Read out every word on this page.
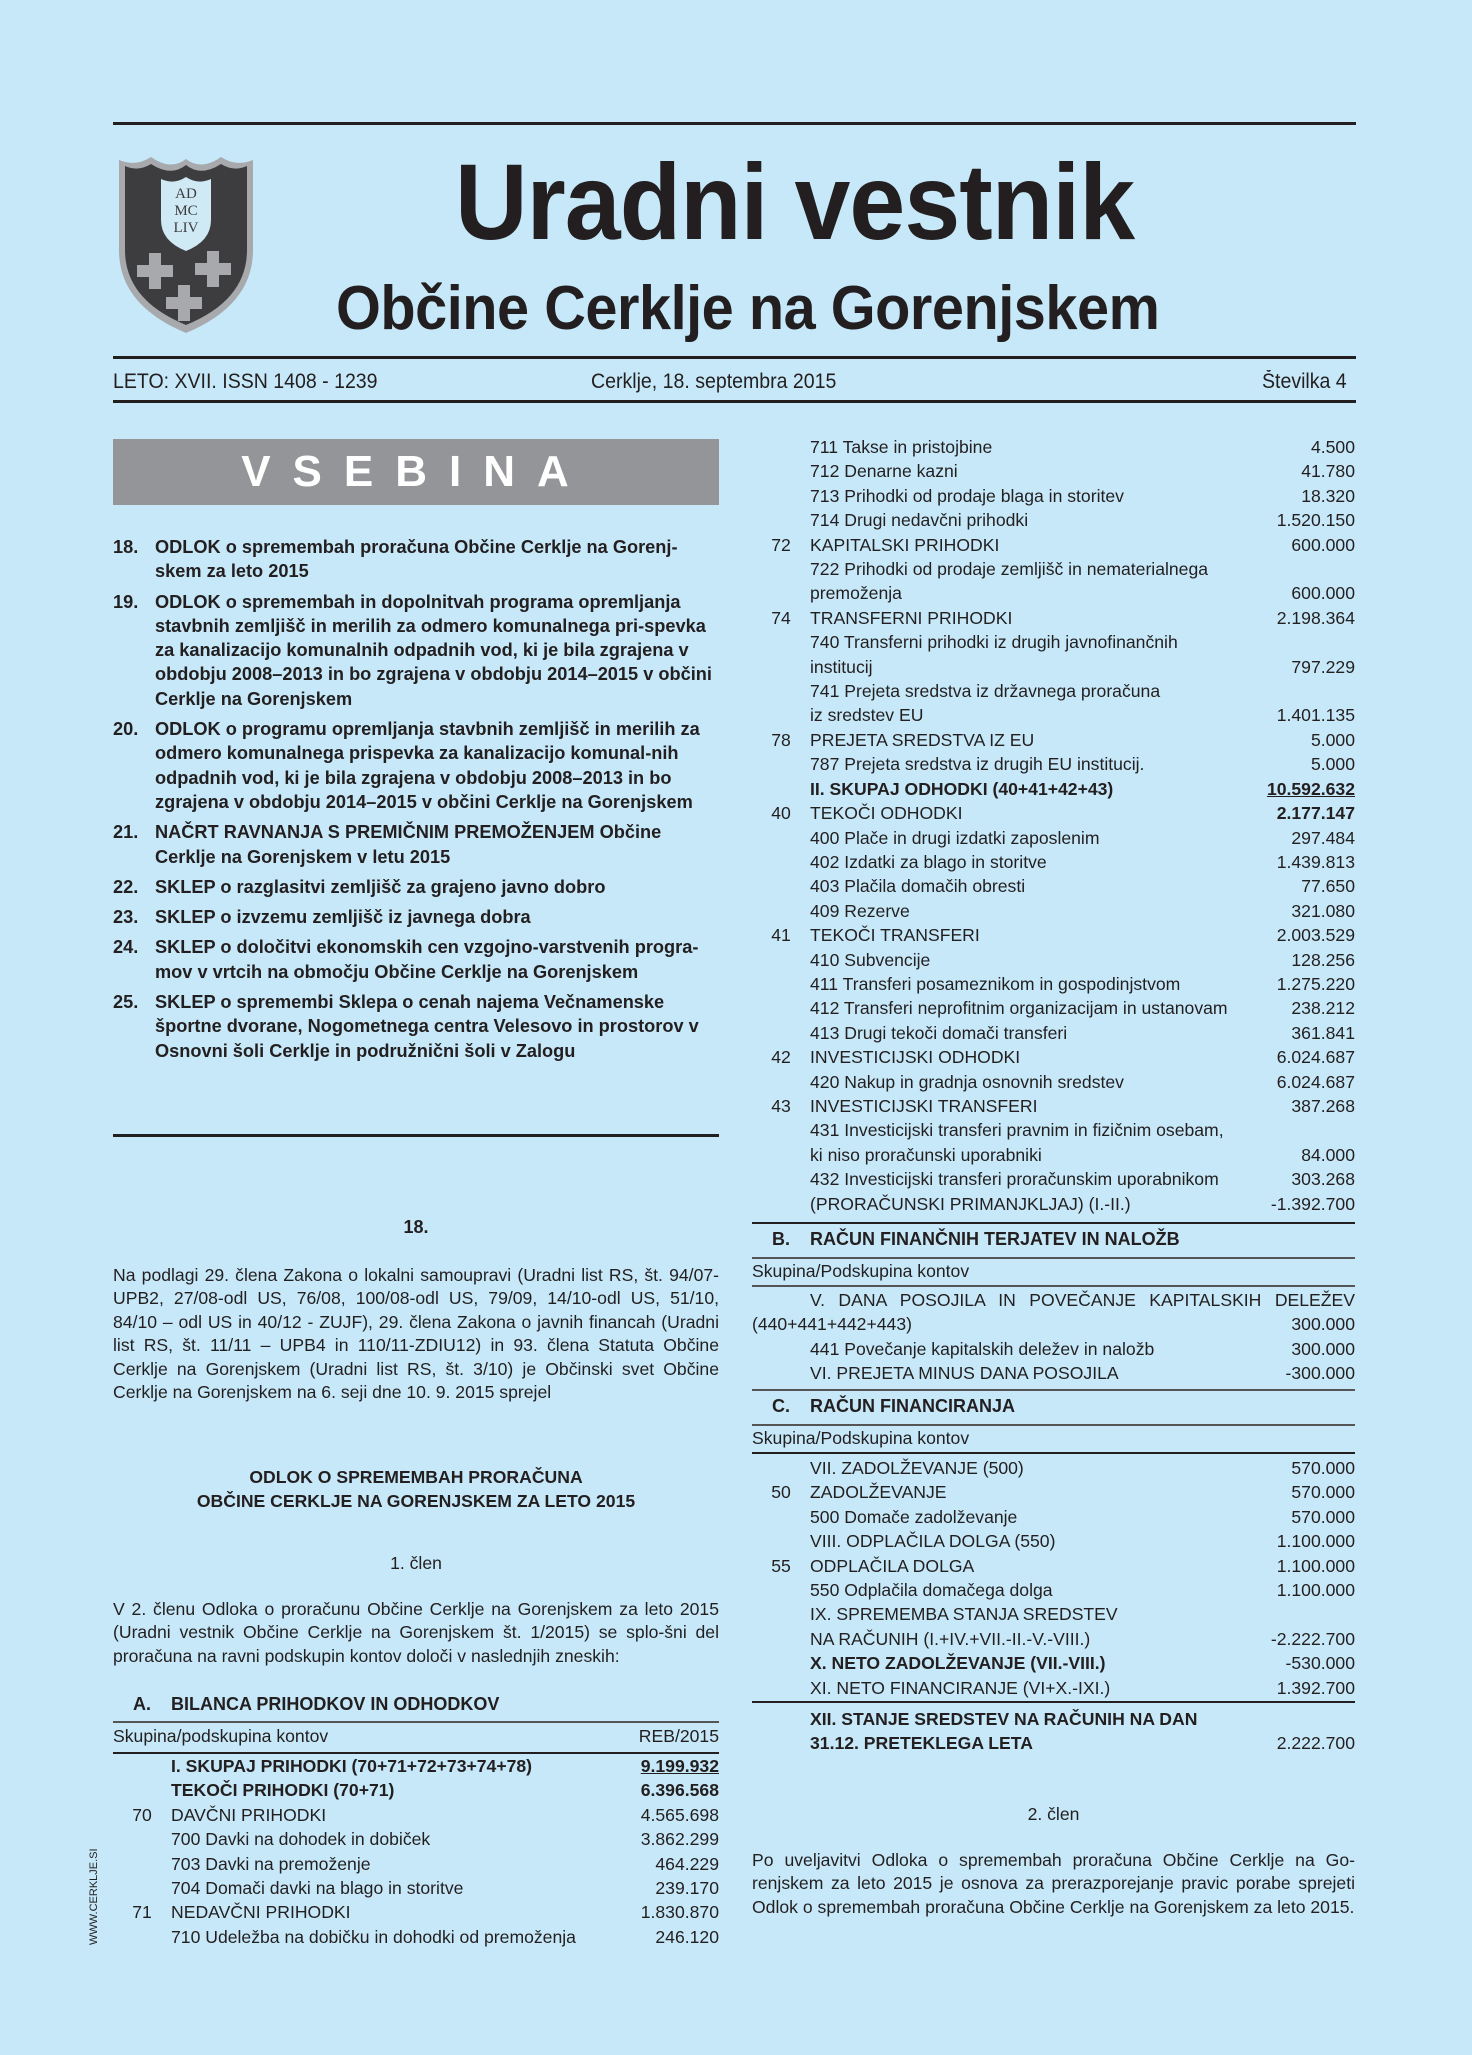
AD
MC
LIV Uradni vestnik
Občine Cerklje na Gorenjskem
LETO: XVII. ISSN 1408 - 1239	Cerklje, 18. septembra 2015	Številka 4
VSEBINA
18. ODLOK o spremembah proračuna Občine Cerklje na Gorenj-skem za leto 2015
19. ODLOK o spremembah in dopolnitvah programa opremljanja stavbnih zemljišč in merilih za odmero komunalnega pri-spevka za kanalizacijo komunalnih odpadnih vod, ki je bila zgrajena v obdobju 2008–2013 in bo zgrajena v obdobju 2014–2015 v občini Cerklje na Gorenjskem
20. ODLOK o programu opremljanja stavbnih zemljišč in merilih za odmero komunalnega prispevka za kanalizacijo komunal-nih odpadnih vod, ki je bila zgrajena v obdobju 2008–2013 in bo zgrajena v obdobju 2014–2015 v občini Cerklje na Gorenjskem
21. NAČRT RAVNANJA S PREMIČNIM PREMOŽENJEM Občine Cerklje na Gorenjskem v letu 2015
22. SKLEP o razglasitvi zemljišč za grajeno javno dobro
23. SKLEP o izvzemu zemljišč iz javnega dobra
24. SKLEP o določitvi ekonomskih cen vzgojno-varstvenih progra-mov v vrtcih na območju Občine Cerklje na Gorenjskem
25. SKLEP o spremembi Sklepa o cenah najema Večnamenske športne dvorane, Nogometnega centra Velesovo in prostorov v Osnovni šoli Cerklje in podružnični šoli v Zalogu
18.
Na podlagi 29. člena Zakona o lokalni samoupravi (Uradni list RS, št. 94/07-UPB2, 27/08-odl US, 76/08, 100/08-odl US, 79/09, 14/10-odl US, 51/10, 84/10 – odl US in 40/12 - ZUJF), 29. člena Zakona o javnih financah (Uradni list RS, št. 11/11 – UPB4 in 110/11-ZDIU12) in 93. člena Statuta Občine Cerklje na Gorenjskem (Uradni list RS, št. 3/10) je Občinski svet Občine Cerklje na Gorenjskem na 6. seji dne 10. 9. 2015 sprejel
ODLOK O SPREMEMBAH PRORAČUNA
OBČINE CERKLJE NA GORENJSKEM ZA LETO 2015
1. člen
V 2. členu Odloka o proračunu Občine Cerklje na Gorenjskem za leto 2015 (Uradni vestnik Občine Cerklje na Gorenjskem št. 1/2015) se splo-šni del proračuna na ravni podskupin kontov določi v naslednjih zneskih:
A.	BILANCA PRIHODKOV IN ODHODKOV
Skupina/podskupina kontov	REB/2015
I. SKUPAJ PRIHODKI (70+71+72+73+74+78)	9.199.932
TEKOČI PRIHODKI (70+71)	6.396.568
70	DAVČNI PRIHODKI	4.565.698
700 Davki na dohodek in dobiček	3.862.299
703 Davki na premoženje	464.229
704 Domači davki na blago in storitve	239.170
71	NEDAVČNI PRIHODKI	1.830.870
710 Udeležba na dobičku in dohodki od premoženja	246.120
WWW.CERKLJE.SI
711 Takse in pristojbine	4.500
712 Denarne kazni	41.780
713 Prihodki od prodaje blaga in storitev	18.320
714 Drugi nedavčni prihodki	1.520.150
72	KAPITALSKI PRIHODKI	600.000
722 Prihodki od prodaje zemljišč in nematerialnega
premoženja	600.000
74	TRANSFERNI PRIHODKI	2.198.364
740 Transferni prihodki iz drugih javnofinančnih
institucij	797.229
741 Prejeta sredstva iz državnega proračuna
iz sredstev EU	1.401.135
78	PREJETA SREDSTVA IZ EU	5.000
787 Prejeta sredstva iz drugih EU institucij.	5.000
II. SKUPAJ ODHODKI (40+41+42+43)	10.592.632
40	TEKOČI ODHODKI	2.177.147
400 Plače in drugi izdatki zaposlenim	297.484
402 Izdatki za blago in storitve	1.439.813
403 Plačila domačih obresti	77.650
409 Rezerve	321.080
41	TEKOČI TRANSFERI	2.003.529
410 Subvencije	128.256
411 Transferi posameznikom in gospodinjstvom	1.275.220
412 Transferi neprofitnim organizacijam in ustanovam	238.212
413 Drugi tekoči domači transferi	361.841
42	INVESTICIJSKI ODHODKI	6.024.687
420 Nakup in gradnja osnovnih sredstev	6.024.687
43	INVESTICIJSKI TRANSFERI	387.268
431 Investicijski transferi pravnim in fizičnim osebam,
ki niso proračunski uporabniki	84.000
432 Investicijski transferi proračunskim uporabnikom	303.268
(PRORAČUNSKI PRIMANJKLJAJ) (I.-II.)	-1.392.700
B.	RAČUN FINANČNIH TERJATEV IN NALOŽB
Skupina/Podskupina kontov
V. DANA POSOJILA IN POVEČANJE KAPITALSKIH DELEŽEV
(440+441+442+443)	300.000
441 Povečanje kapitalskih deležev in naložb	300.000
VI. PREJETA MINUS DANA POSOJILA	-300.000
C.	RAČUN FINANCIRANJA
Skupina/Podskupina kontov
VII. ZADOLŽEVANJE (500)	570.000
50	ZADOLŽEVANJE	570.000
500 Domače zadolževanje	570.000
VIII. ODPLAČILA DOLGA (550)	1.100.000
55	ODPLAČILA DOLGA	1.100.000
550 Odplačila domačega dolga	1.100.000
IX. SPREMEMBA STANJA SREDSTEV
NA RAČUNIH (I.+IV.+VII.-II.-V.-VIII.)	-2.222.700
X. NETO ZADOLŽEVANJE (VII.-VIII.)	-530.000
XI. NETO FINANCIRANJE (VI+X.-IXI.)	1.392.700
XII. STANJE SREDSTEV NA RAČUNIH NA DAN
31.12. PRETEKLEGA LETA	2.222.700
2. člen
Po uveljavitvi Odloka o spremembah proračuna Občine Cerklje na Go-renjskem za leto 2015 je osnova za prerazporejanje pravic porabe sprejeti Odlok o spremembah proračuna Občine Cerklje na Gorenjskem za leto 2015.
